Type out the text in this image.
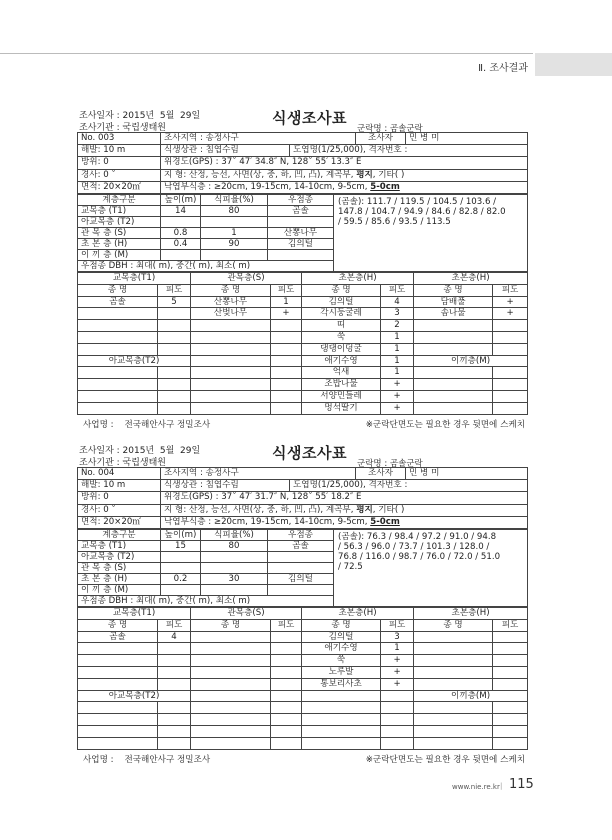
Ⅱ. 조사결과
조사일자 : 2015년  5월  29일
조사기관 : 국립생태원
식생조사표
군락명 : 곰솔군락
No. 003	조사지역 : 송정사구		조사자	민 병 미
해발: 10 m	식생상관 : 침엽수림	도엽명(1/25,000), 격자번호 :		
방위: 0	위경도(GPS) : 37˚ 47′ 34.8″ N, 128˚ 55′ 13.3″ E			
경사: 0 ˚	지 형: 산정, 능선, 사면(상, 중, 하, 凹, 凸), 계곡부, 평지, 기타( )			
면적: 20×20㎡	낙엽부식층 : ≥20cm, 19-15cm, 14-10cm, 9-5cm, 5-0cm			
계층구분	높이(m)	식피율(%)	우점종	(곰솔): 111.7 / 119.5 / 104.5 / 103.6 /
147.8 / 104.7 / 94.9 / 84.6 / 82.8 / 82.0
/ 59.5 / 85.6 / 93.5 / 113.5

교목층 (T1)	14	80	곰솔	
아교목층 (T2)				
관 목 층 (S)	0.8	1	산뽕나무	
초 본 층 (H)	0.4	90	김의털	
이 끼 층 (M)				
우점종 DBH : 최대( m), 중간( m), 최소( m)				
교목층(T1)		관목층(S)		초본층(H)		초본층(H)	
종 명	피도	종 명	피도	종 명	피도	종 명	피도
곰솔	5	산뽕나무	1	김의털	4	담배풀	+
		산벚나무	+	각시둥굴레	3	솜나물	+
				띠	2		
				쑥	1		
				댕댕이덩굴	1		
아교목층(T2)				애기수영	1	이끼층(M)	
				억새	1		
				조밥나물	+		
				서양민들레	+		
				멍석딸기	+		
사업명 :    전국해안사구 정밀조사	※군락단면도는 필요한 경우 뒷면에 스케치
조사일자 : 2015년  5월  29일
조사기관 : 국립생태원
식생조사표
군락명 : 곰솔군락
No. 004	조사지역 : 송정사구		조사자	민 병 미
해발: 10 m	식생상관 : 침엽수림	도엽명(1/25,000), 격자번호 :		
방위: 0	위경도(GPS) : 37˚ 47′ 31.7″ N, 128˚ 55′ 18.2″ E			
경사: 0 ˚	지 형: 산정, 능선, 사면(상, 중, 하, 凹, 凸), 계곡부, 평지, 기타( )			
면적: 20×20㎡	낙엽부식층 : ≥20cm, 19-15cm, 14-10cm, 9-5cm, 5-0cm			
계층구분	높이(m)	식피율(%)	우점종	(곰솔): 76.3 / 98.4 / 97.2 / 91.0 / 94.8
/ 56.3 / 96.0 / 73.7 / 101.3 / 128.0 /
76.8 / 116.0 / 98.7 / 76.0 / 72.0 / 51.0
/ 72.5

교목층 (T1)	15	80	곰솔	
아교목층 (T2)				
관 목 층 (S)				
초 본 층 (H)	0.2	30	김의털	
이 끼 층 (M)				
우점종 DBH : 최대( m), 중간( m), 최소( m)				
교목층(T1)		관목층(S)		초본층(H)		초본층(H)	
종 명	피도	종 명	피도	종 명	피도	종 명	피도
곰솔	4			김의털	3		
				애기수영	1		
				쑥	+		
				노루발	+		
				통보리사초	+		
아교목층(T2)						이끼층(M)	

사업명 :    전국해안사구 정밀조사	※군락단면도는 필요한 경우 뒷면에 스케치
www.nie.re.kr | 115
